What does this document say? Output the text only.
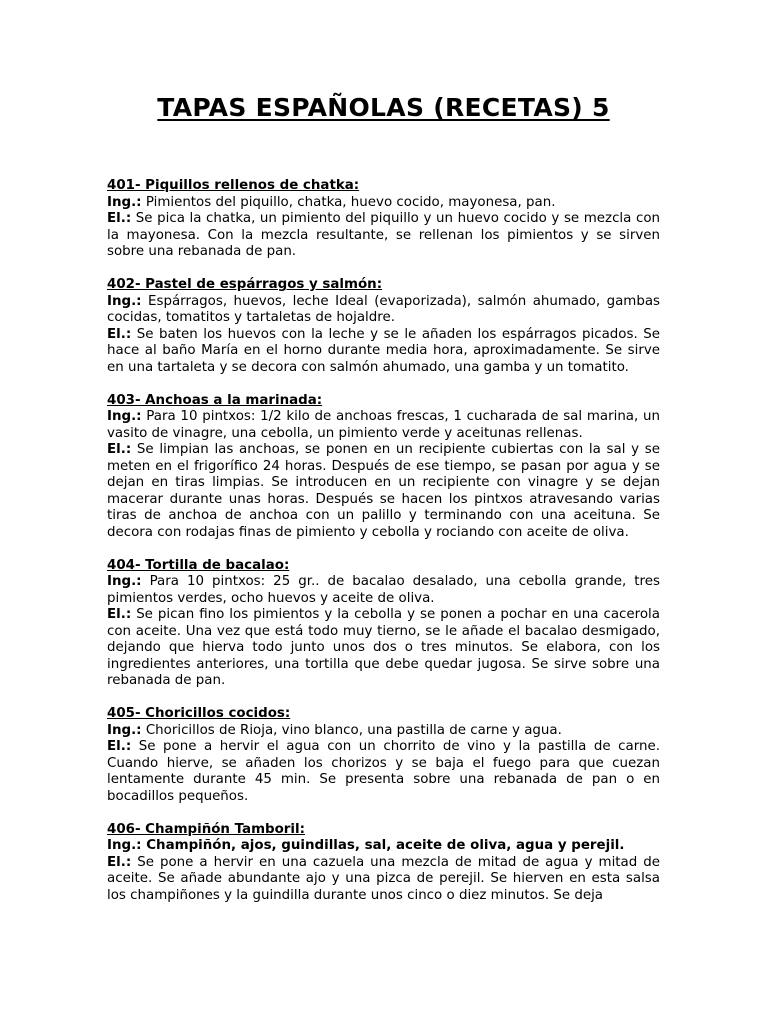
TAPAS ESPAÑOLAS (RECETAS) 5

401- Piquillos rellenos de chatka:

Ing.: Pimientos del piquillo, chatka, huevo cocido, mayonesa, pan.

El.: Se pica la chatka, un pimiento del piquillo y un huevo cocido y se mezcla con la mayonesa. Con la mezcla resultante, se rellenan los pimientos y se sirven sobre una rebanada de pan.

402- Pastel de espárragos y salmón:

Ing.: Espárragos, huevos, leche Ideal (evaporizada), salmón ahumado, gambas cocidas, tomatitos y tartaletas de hojaldre.

El.: Se baten los huevos con la leche y se le añaden los espárragos picados. Se hace al baño María en el horno durante media hora, aproximadamente. Se sirve en una tartaleta y se decora con salmón ahumado, una gamba y un tomatito.

403- Anchoas a la marinada:

Ing.: Para 10 pintxos: 1/2 kilo de anchoas frescas, 1 cucharada de sal marina, un vasito de vinagre, una cebolla, un pimiento verde y aceitunas rellenas.

El.: Se limpian las anchoas, se ponen en un recipiente cubiertas con la sal y se meten en el frigorífico 24 horas. Después de ese tiempo, se pasan por agua y se dejan en tiras limpias. Se introducen en un recipiente con vinagre y se dejan macerar durante unas horas. Después se hacen los pintxos atravesando varias tiras de anchoa de anchoa con un palillo y terminando con una aceituna. Se decora con rodajas finas de pimiento y cebolla y rociando con aceite de oliva.

404- Tortilla de bacalao:

Ing.: Para 10 pintxos: 25 gr.. de bacalao desalado, una cebolla grande, tres pimientos verdes, ocho huevos y aceite de oliva.

El.: Se pican fino los pimientos y la cebolla y se ponen a pochar en una cacerola con aceite. Una vez que está todo muy tierno, se le añade el bacalao desmigado, dejando que hierva todo junto unos dos o tres minutos. Se elabora, con los ingredientes anteriores, una tortilla que debe quedar jugosa. Se sirve sobre una rebanada de pan.

405- Choricillos cocidos:

Ing.: Choricillos de Rioja, vino blanco, una pastilla de carne y agua.

El.: Se pone a hervir el agua con un chorrito de vino y la pastilla de carne. Cuando hierve, se añaden los chorizos y se baja el fuego para que cuezan lentamente durante 45 min. Se presenta sobre una rebanada de pan o en bocadillos pequeños.

406- Champiñón Tamboril:

Ing.: Champiñón, ajos, guindillas, sal, aceite de oliva, agua y perejil.

El.: Se pone a hervir en una cazuela una mezcla de mitad de agua y mitad de aceite. Se añade abundante ajo y una pizca de perejil. Se hierven en esta salsa los champiñones y la guindilla durante unos cinco o diez minutos. Se deja
